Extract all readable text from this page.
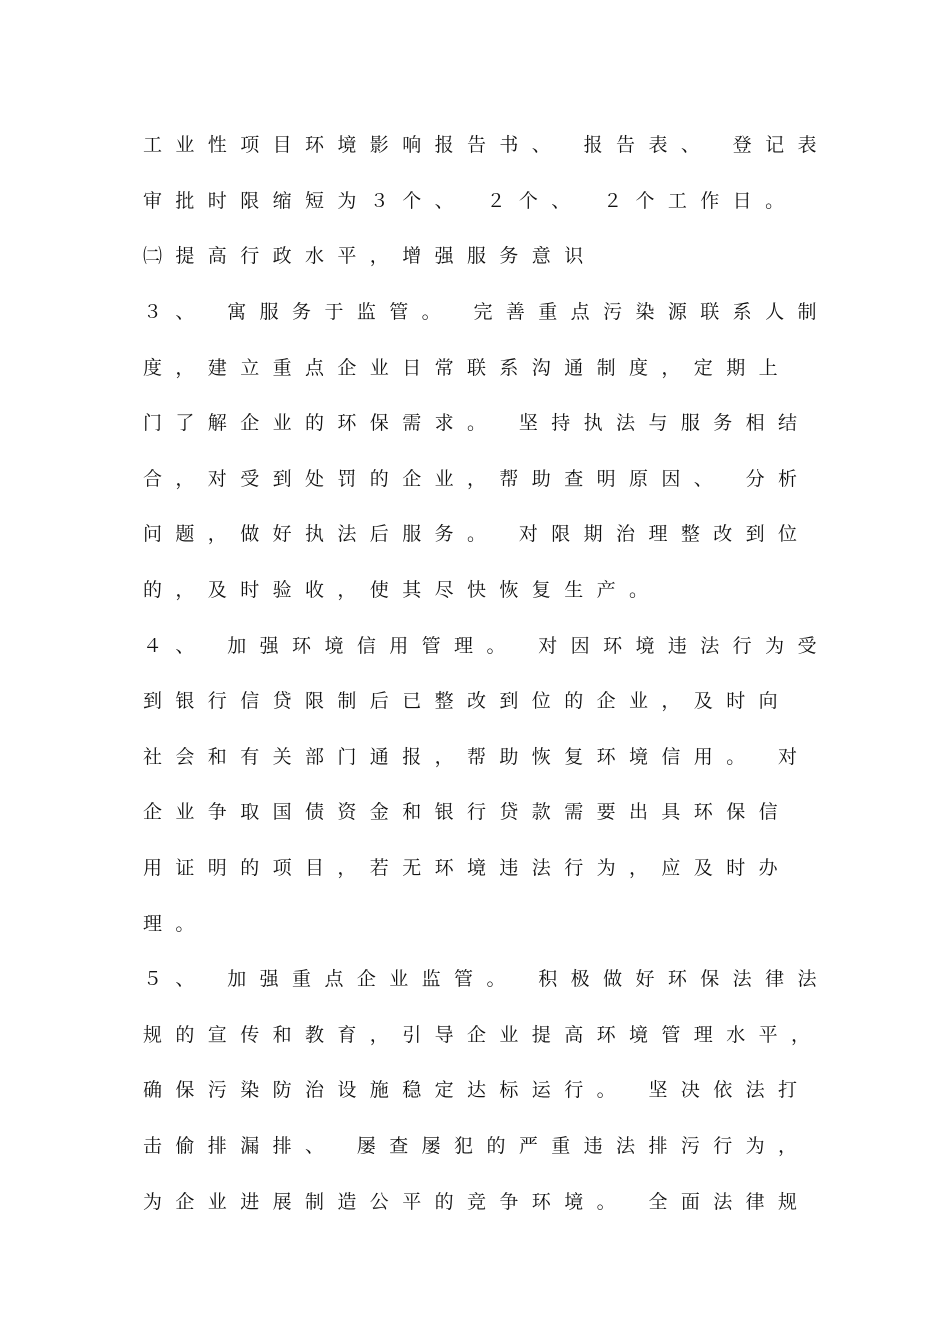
工业性项目环境影响报告书、 报告表、 登记表
审批时限缩短为３个、 ２个、 ２个工作日。
㈡提高行政水平，增强服务意识
３、 寓服务于监管。 完善重点污染源联系人制
度，建立重点企业日常联系沟通制度，定期上
门了解企业的环保需求。 坚持执法与服务相结
合，对受到处罚的企业，帮助查明原因、 分析
问题，做好执法后服务。 对限期治理整改到位
的，及时验收，使其尽快恢复生产。
４、 加强环境信用管理。 对因环境违法行为受
到银行信贷限制后已整改到位的企业，及时向
社会和有关部门通报，帮助恢复环境信用。 对
企业争取国债资金和银行贷款需要出具环保信
用证明的项目，若无环境违法行为，应及时办
理。
５、 加强重点企业监管。 积极做好环保法律法
规的宣传和教育，引导企业提高环境管理水平，
确保污染防治设施稳定达标运行。 坚决依法打
击偷排漏排、 屡查屡犯的严重违法排污行为，
为企业进展制造公平的竞争环境。 全面法律规
